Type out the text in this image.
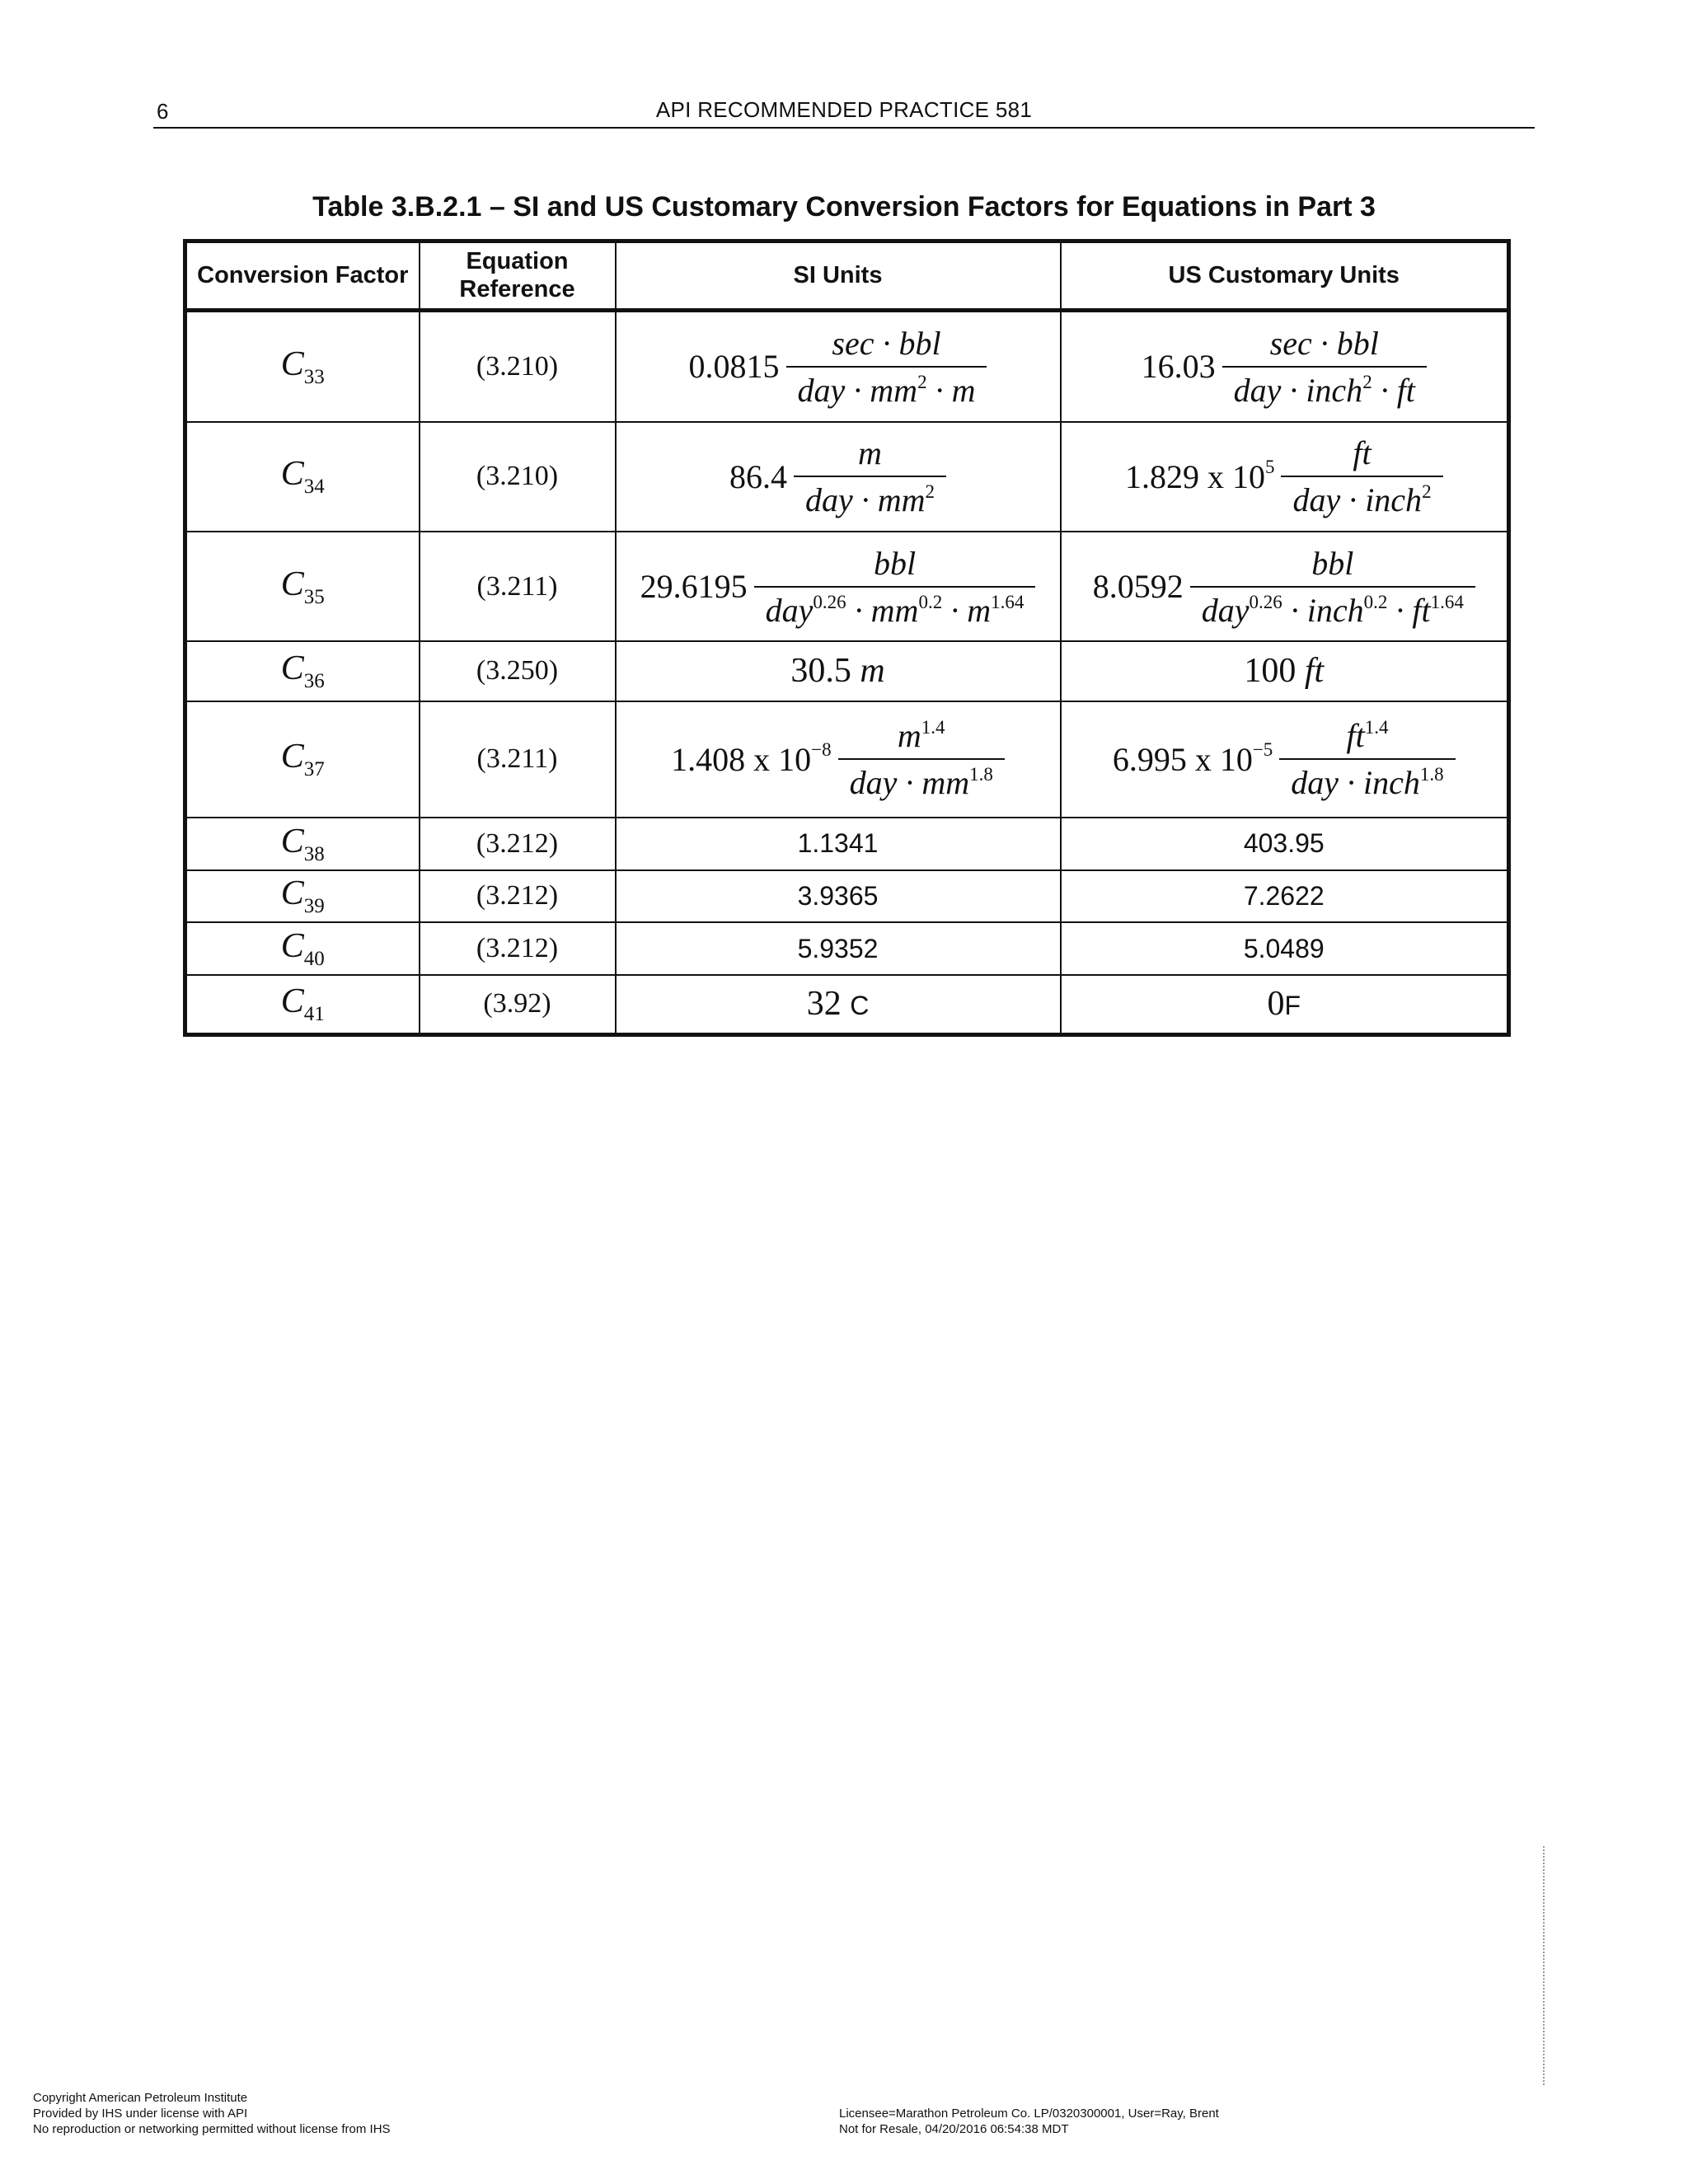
6	API RECOMMENDED PRACTICE 581
Table 3.B.2.1 – SI and US Customary Conversion Factors for Equations in Part 3
Conversion Factor	Equation Reference	SI Units	US Customary Units
$C_{33}$	(3.210)	$0.0815 \frac{\text{sec · bbl}}{day \cdot mm^2 \cdot m}$	$16.03 \frac{\text{sec · bbl}}{day \cdot inch^2 \cdot ft}$

$C_{34}$	(3.210)	$86.4 \frac{m}{day \cdot mm^2}$	1.829 x $10^5 \frac{ft}{day \cdot inch^2}$

$C_{35}$	(3.211)	$29.6195 \frac{\text{bbl}}{day^{0.26} \cdot mm^{0.2} \cdot m^{1.64}}$	$8.0592 \frac{\text{bbl}}{day^{0.26} \cdot inch^{0.2} \cdot ft^{1.64}}$

$C_{36}$	(3.250)	30.5 m	100 ft
$C_{37}$	(3.211)	1.408 x $10^{-8} \frac{m^{1.4}}{day \cdot mm^{1.8}}$	6.995 x $10^{-5} \frac{ft^{1.4}}{day \cdot inch^{1.8}}$

$C_{38}$	(3.212)	1.1341	403.95
$C_{39}$	(3.212)	3.9365	7.2622
$C_{40}$	(3.212)	5.9352	5.0489
$C_{41}$	(3.92)	32 C	0F
Copyright American Petroleum Institute
Provided by IHS under license with API
No reproduction or networking permitted without license from IHS
Licensee=Marathon Petroleum Co. LP/0320300001, User=Ray, Brent
Not for Resale, 04/20/2016 06:54:38 MDT
